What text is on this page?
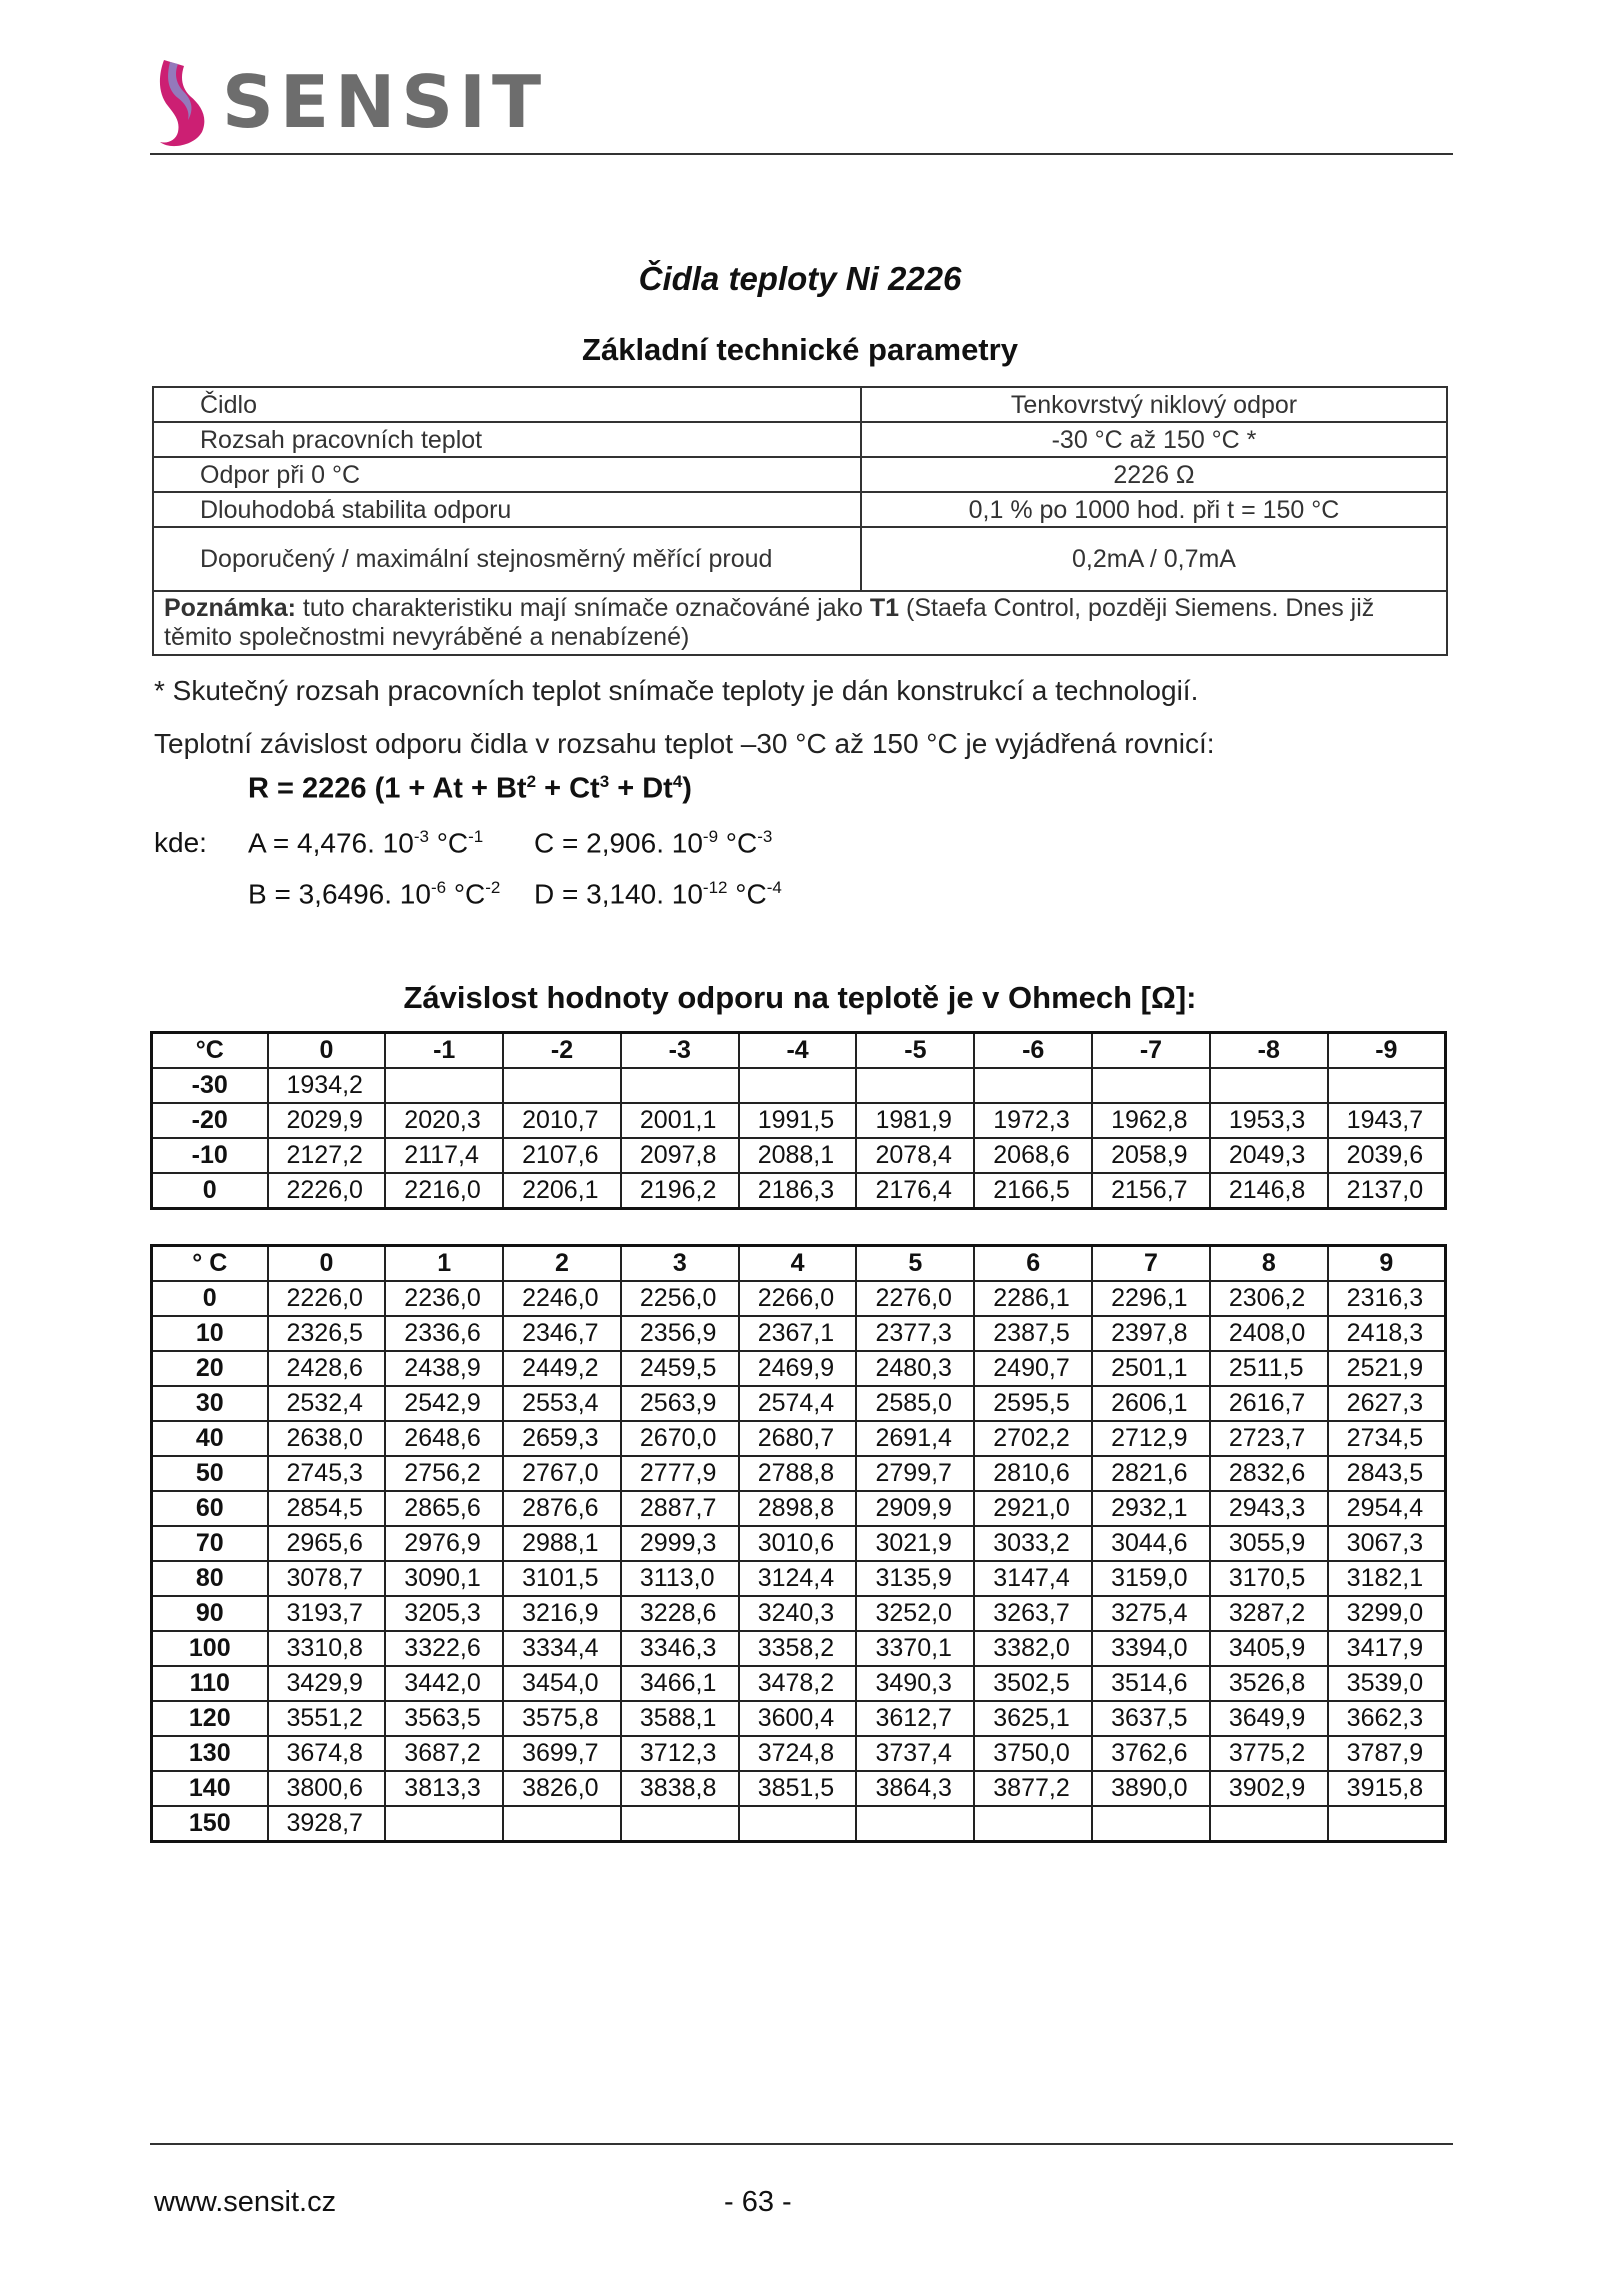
SENSIT
Čidla teploty Ni 2226
Základní technické parametry
Čidlo	Tenkovrstvý niklový odpor
Rozsah pracovních teplot	-30 °C až 150 °C *
Odpor při 0 °C	2226 Ω
Dlouhodobá stabilita odporu	0,1 % po 1000 hod. při t = 150 °C
Doporučený / maximální stejnosměrný měřící proud	0,2mA / 0,7mA
Poznámka: tuto charakteristiku mají snímače označováné jako T1 (Staefa Control, později Siemens. Dnes již těmito společnostmi nevyráběné a nenabízené)	
* Skutečný rozsah pracovních teplot snímače teploty je dán konstrukcí a technologií.
Teplotní závislost odporu čidla v rozsahu teplot –30 °C až 150 °C je vyjádřená rovnicí:
R = 2226 $(1 + At + Bt^2 + Ct^3 + Dt^4)$
kde: A = 4,476. $10^{-3}$ $^\circ C^{-1}$ C = 2,906. $10^{-9}$ $^\circ C^{-3}$
B = 3,6496. $10^{-6}$ $^\circ C^{-2}$ D = 3,140. $10^{-12}$ $^\circ C^{-4}$
Závislost hodnoty odporu na teplotě je v Ohmech [Ω]:
°C	0	-1	-2	-3	-4	-5	-6	-7	-8	-9
-30	1934,2									
-20	2029,9	2020,3	2010,7	2001,1	1991,5	1981,9	1972,3	1962,8	1953,3	1943,7
-10	2127,2	2117,4	2107,6	2097,8	2088,1	2078,4	2068,6	2058,9	2049,3	2039,6
0	2226,0	2216,0	2206,1	2196,2	2186,3	2176,4	2166,5	2156,7	2146,8	2137,0
° C	0	1	2	3	4	5	6	7	8	9
0	2226,0	2236,0	2246,0	2256,0	2266,0	2276,0	2286,1	2296,1	2306,2	2316,3
10	2326,5	2336,6	2346,7	2356,9	2367,1	2377,3	2387,5	2397,8	2408,0	2418,3
20	2428,6	2438,9	2449,2	2459,5	2469,9	2480,3	2490,7	2501,1	2511,5	2521,9
30	2532,4	2542,9	2553,4	2563,9	2574,4	2585,0	2595,5	2606,1	2616,7	2627,3
40	2638,0	2648,6	2659,3	2670,0	2680,7	2691,4	2702,2	2712,9	2723,7	2734,5
50	2745,3	2756,2	2767,0	2777,9	2788,8	2799,7	2810,6	2821,6	2832,6	2843,5
60	2854,5	2865,6	2876,6	2887,7	2898,8	2909,9	2921,0	2932,1	2943,3	2954,4
70	2965,6	2976,9	2988,1	2999,3	3010,6	3021,9	3033,2	3044,6	3055,9	3067,3
80	3078,7	3090,1	3101,5	3113,0	3124,4	3135,9	3147,4	3159,0	3170,5	3182,1
90	3193,7	3205,3	3216,9	3228,6	3240,3	3252,0	3263,7	3275,4	3287,2	3299,0
100	3310,8	3322,6	3334,4	3346,3	3358,2	3370,1	3382,0	3394,0	3405,9	3417,9
110	3429,9	3442,0	3454,0	3466,1	3478,2	3490,3	3502,5	3514,6	3526,8	3539,0
120	3551,2	3563,5	3575,8	3588,1	3600,4	3612,7	3625,1	3637,5	3649,9	3662,3
130	3674,8	3687,2	3699,7	3712,3	3724,8	3737,4	3750,0	3762,6	3775,2	3787,9
140	3800,6	3813,3	3826,0	3838,8	3851,5	3864,3	3877,2	3890,0	3902,9	3915,8
150	3928,7									
www.sensit.cz	- 63 -
